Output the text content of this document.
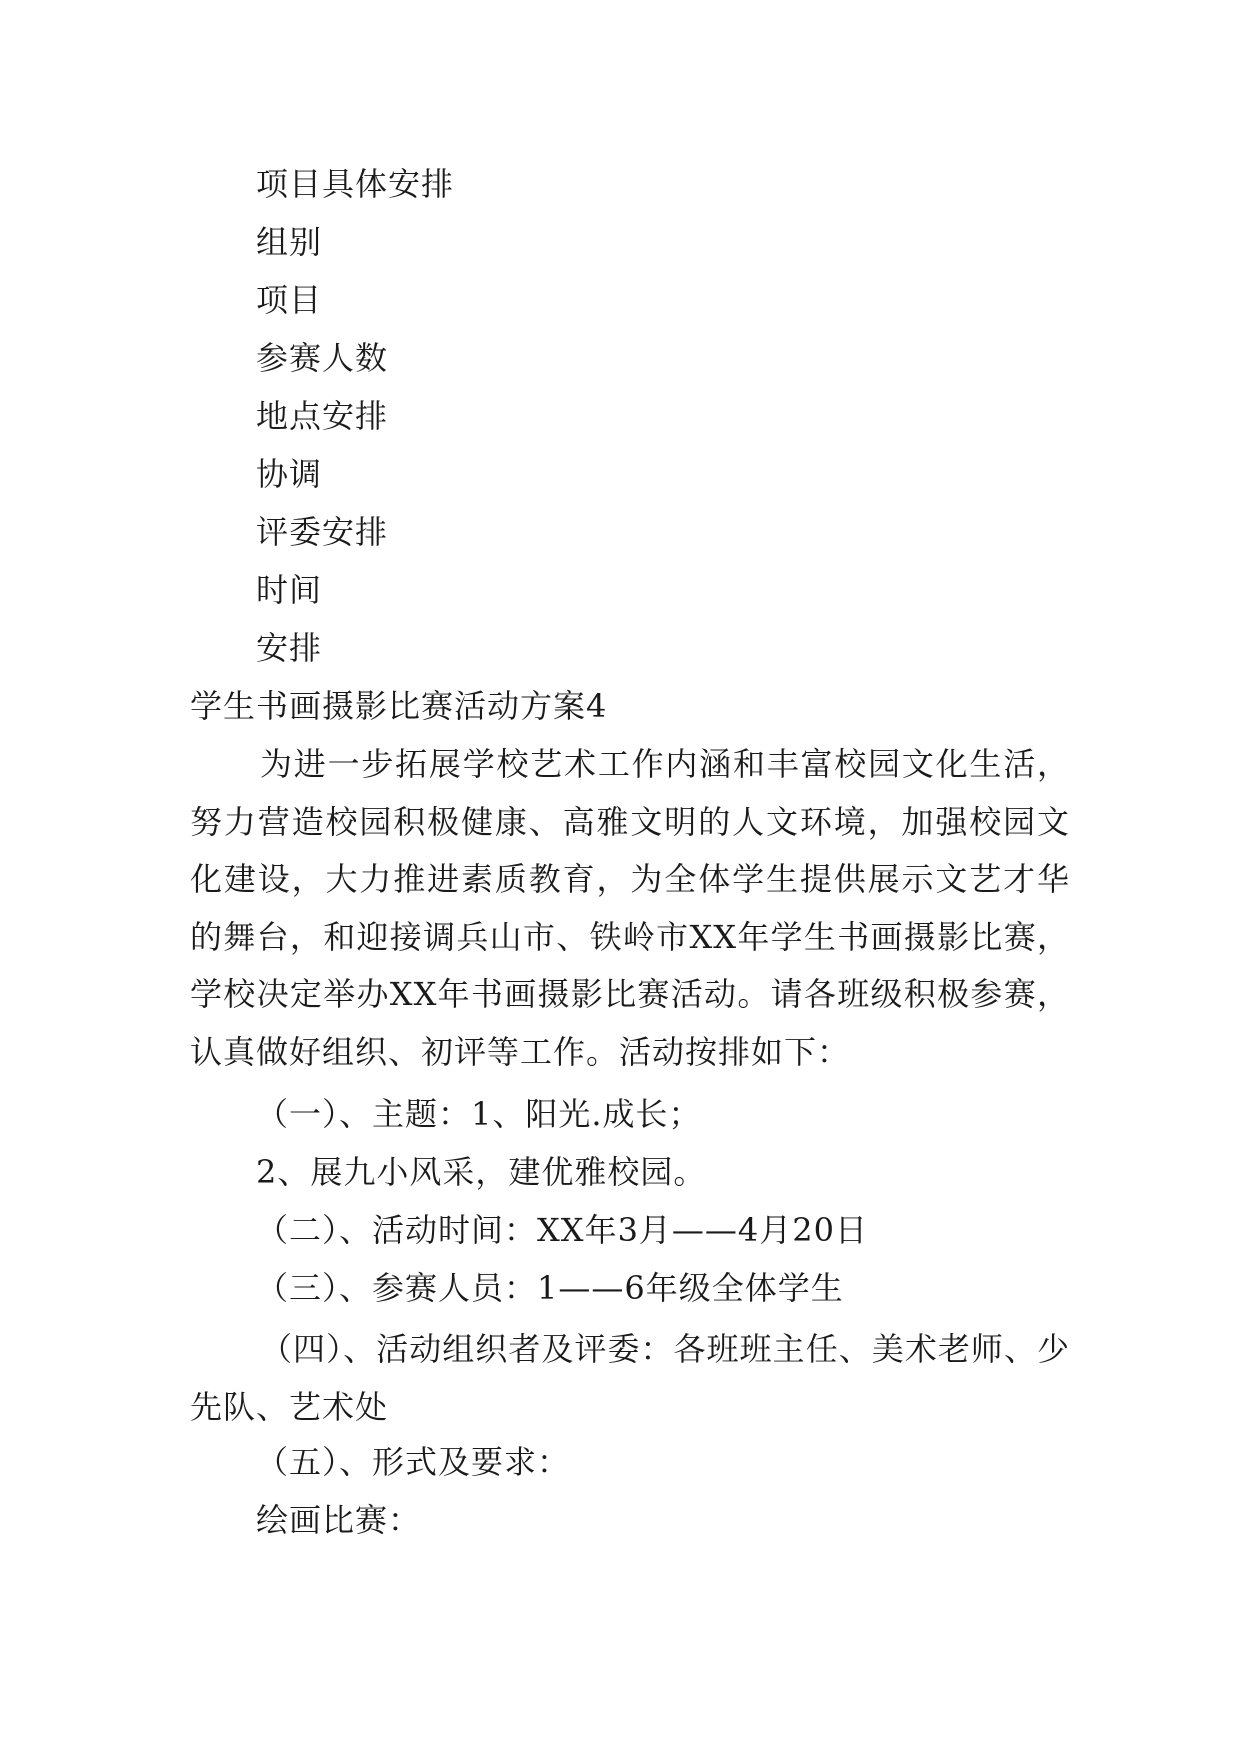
项目具体安排
组别
项目
参赛人数
地点安排
协调
评委安排
时间
安排
学生书画摄影比赛活动方案4
为进一步拓展学校艺术工作内涵和丰富校园文化生活，努力营造校园积极健康、高雅文明的人文环境，加强校园文化建设，大力推进素质教育，为全体学生提供展示文艺才华的舞台，和迎接调兵山市、铁岭市XX年学生书画摄影比赛，学校决定举办XX年书画摄影比赛活动。请各班级积极参赛，认真做好组织、初评等工作。活动按排如下：
（一）、主题：1、阳光.成长；
2、展九小风采，建优雅校园。
（二）、活动时间：XX年3月——4月20日
（三）、参赛人员：1——6年级全体学生
（四）、活动组织者及评委：各班班主任、美术老师、少先队、艺术处
（五）、形式及要求：
绘画比赛：
